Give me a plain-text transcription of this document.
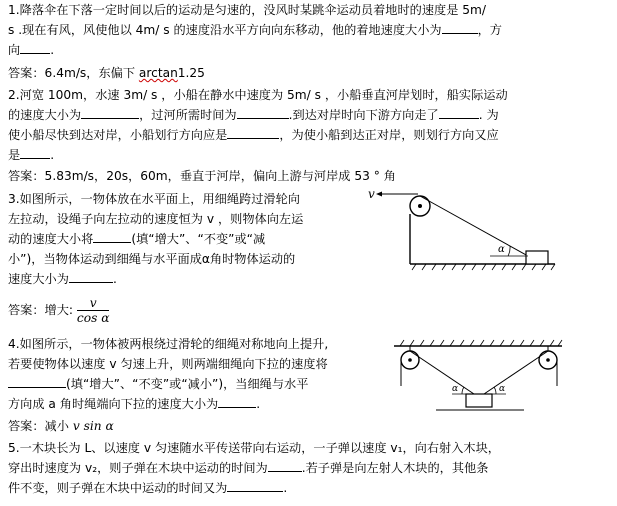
1.降落伞在下落一定时间以后的运动是匀速的，没风时某跳伞运动员着地时的速度是 5m/
s .现在有风，风使他以 4m/ s 的速度沿水平方向向东移动，他的着地速度大小为	，方
向 .
答案：6.4m/s，东偏下 arctan1.25
2.河宽 100m，水速 3m/ s ，小船在静水中速度为 5m/ s ，小船垂直河岸划时，船实际运动
的速度大小为	，过河所需时间为	.到达对岸时向下游方向走了	. 为
使小船尽快到达对岸，小船划行方向应是	，为使小船到达正对岸，则划行方向又应
是 .
答案：5.83m/s，20s，60m，垂直于河岸，偏向上游与河岸成 53 ° 角
3.如图所示，一物体放在水平面上，用细绳跨过滑轮向
左拉动，设绳子向左拉动的速度恒为 v ，则物体向左运
动的速度大小将	(填“增大”、“不变”或“减
小”)，当物体运动到细绳与水平面成α角时物体运动的
速度大小为	.
答案：增大: $\frac{v}{\text{cos α}}$
v
α
4.如图所示，一物体被两根绕过滑轮的细绳对称地向上提升,
若要使物体以速度 v 匀速上升，则两端细绳向下拉的速度将
(填“增大”、“不变”或“减小”)，当细绳与水平
方向成 a 角时绳端向下拉的速度大小为	.
答案：减小 v sin α
α	α
5.一木块长为 L、以速度 v 匀速随水平传送带向右运动，一子弹以速度 v₁，向右射入木块，
穿出时速度为 v₂，则子弹在木块中运动的时间为	.若子弹是向左射人木块的，其他条
件不变，则子弹在木块中运动的时间又为	.
